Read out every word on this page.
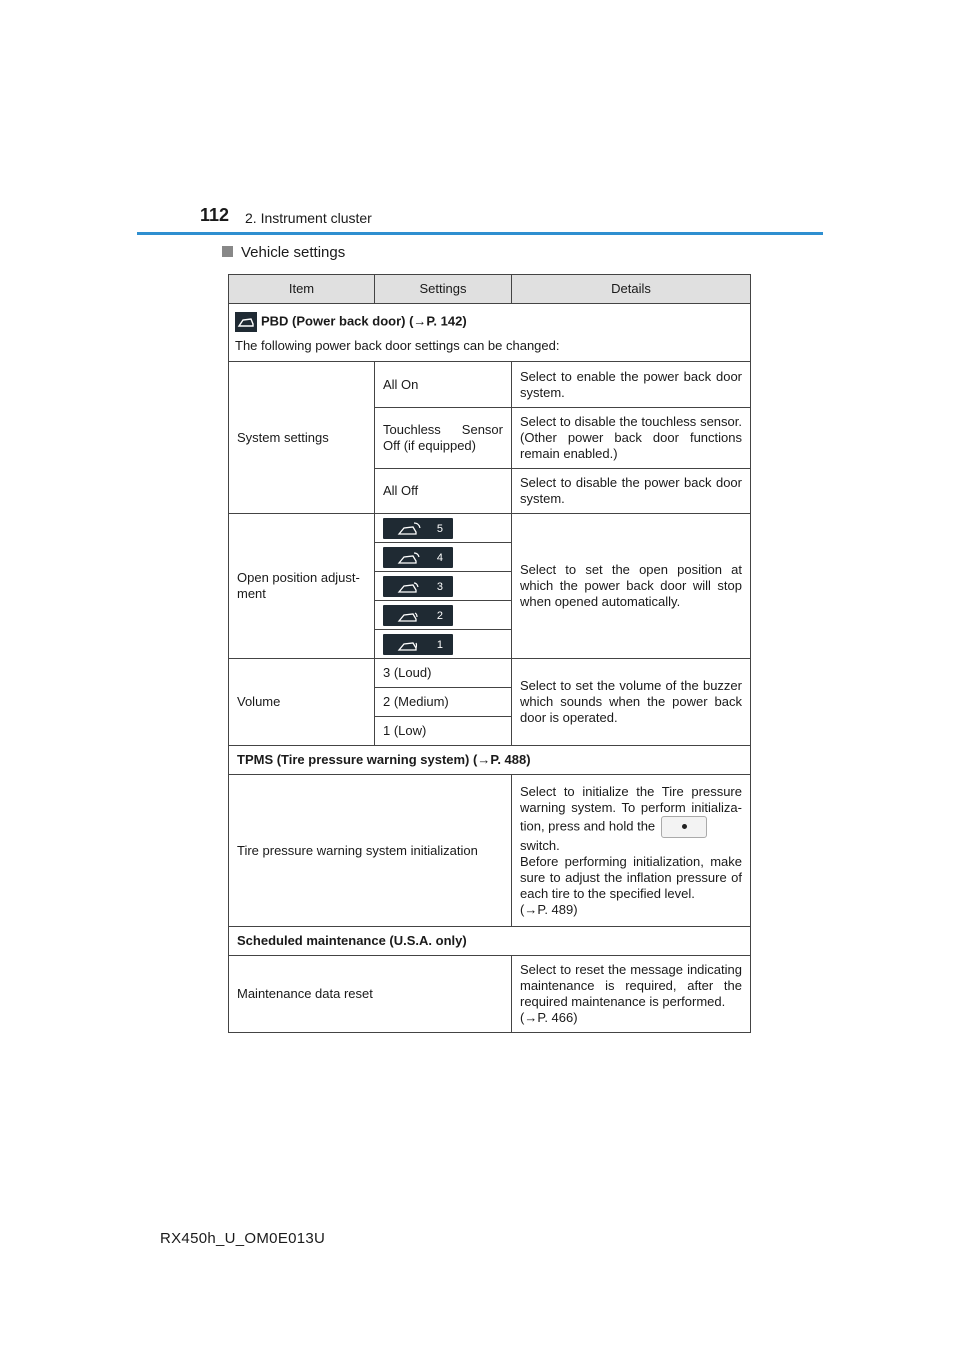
112 2. Instrument cluster
Vehicle settings
Item	Settings	Details

PBD (Power back door) (→P. 142)
The following power back door settings can be changed:		

System settings	All On	Select to enable the power back door system.
	Touchless Sensor Off (if equipped)	Select to disable the touchless sensor. (Other power back door functions remain enabled.)
	All Off	Select to disable the power back door system.
Open position adjust-ment	5	Select to set the open position at which the power back door will stop when opened automatically.

	4	

	3	

	2	

	1	

Volume	3 (Loud)	Select to set the volume of the buzzer which sounds when the power back door is operated.
	2 (Medium)	
	1 (Low)	
TPMS (Tire pressure warning system) (→P. 488)		
Tire pressure warning system initialization		Select to initialize the Tire pressure warning system. To perform initializa-tion, press and hold the
switch.
Before performing initialization, make sure to adjust the inflation pressure of each tire to the specified level.
(→P. 489)

Scheduled maintenance (U.S.A. only)		
Maintenance data reset		Select to reset the message indicating maintenance is required, after the required maintenance is performed.
(→P. 466)
RX450h_U_OM0E013U
